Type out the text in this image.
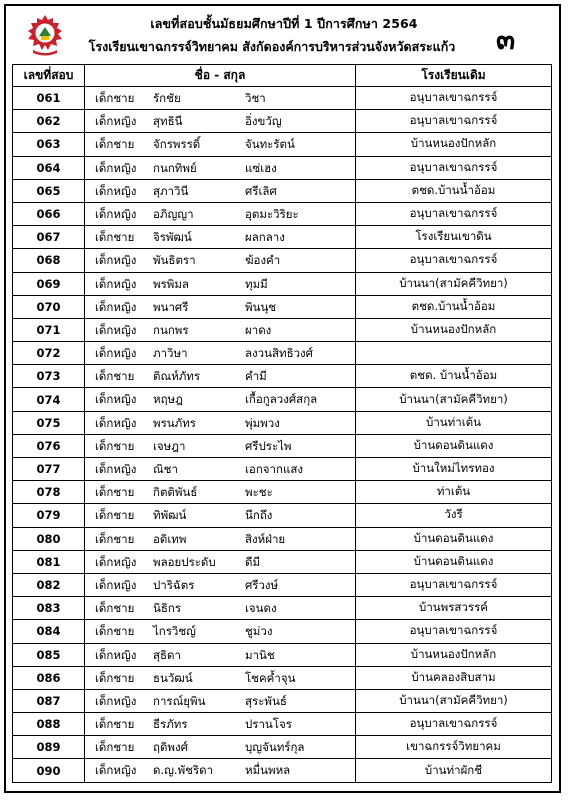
เลขที่สอบชั้นมัธยมศึกษาปีที่ 1 ปีการศึกษา 2564
โรงเรียนเขาฉกรรจ์วิทยาคม สังกัดองค์การบริหารส่วนจังหวัดสระแก้ว	๓
เลขที่สอบ	ชื่อ - สกุล	โรงเรียนเดิม
061	เด็กชาย รักชัย วิชา	อนุบาลเขาฉกรรจ์
062	เด็กหญิง สุทธินี อิ่งขวัญ	อนุบาลเขาฉกรรจ์
063	เด็กชาย จักรพรรดิ์ จันทะรัตน์	บ้านหนองปักหลัก
064	เด็กหญิง กนกทิพย์ แซ่เฮง	อนุบาลเขาฉกรรจ์
065	เด็กหญิง สุภาวินี ศรีเลิศ	ตชด.บ้านน้ำอ้อม
066	เด็กหญิง อภิญญา อุตมะวิริยะ	อนุบาลเขาฉกรรจ์
067	เด็กชาย จิรพัฒน์ ผลกลาง	โรงเรียนเขาดิน
068	เด็กหญิง พันธิตรา ฆ้องคำ	อนุบาลเขาฉกรรจ์
069	เด็กหญิง พรพิมล ทุมมี	บ้านนา(สามัคคีวิทยา)
070	เด็กหญิง พนาศรี พินนุช	ตชด.บ้านน้ำอ้อม
071	เด็กหญิง กนกพร ผาดง	บ้านหนองปักหลัก
072	เด็กหญิง ภาวิษา ลงวนสิทธิวงศ์	

073	เด็กชาย ติณห์ภัทร คำมี	ตชด. บ้านน้ำอ้อม
074	เด็กหญิง หฤษฎ เกื้อกูลวงศ์สกุล	บ้านนา(สามัคคีวิทยา)
075	เด็กหญิง พรนภัทร พุ่มพวง	บ้านท่าเต้น
076	เด็กชาย เจษฎา ศรีประไพ	บ้านดอนดินแดง
077	เด็กหญิง ณิชา เอกจากแสง	บ้านใหม่ไทรทอง
078	เด็กชาย กิตติพันธ์ พะชะ	ท่าเต้น
079	เด็กชาย ทิพัฒน์ นึกถึง	วังรี
080	เด็กชาย อดิเทพ สิงห์ฝ่าย	บ้านดอนดินแดง
081	เด็กหญิง พลอยประดับ ดีมี	บ้านดอนดินแดง
082	เด็กหญิง ปาริฉัตร ศรีวงษ์	อนุบาลเขาฉกรรจ์
083	เด็กชาย นิธิกร เจนดง	บ้านพรสวรรค์
084	เด็กชาย ไกรวิชญ์ ชูม่วง	อนุบาลเขาฉกรรจ์
085	เด็กหญิง สุธิดา มานิช	บ้านหนองปักหลัก
086	เด็กชาย ธนวัฒน์ โชคค้ำจุน	บ้านคลองสิบสาม
087	เด็กหญิง การณ์ยุพิน สุระพันธ์	บ้านนา(สามัคคีวิทยา)
088	เด็กชาย ธีรภัทร ปรานโจร	อนุบาลเขาฉกรรจ์
089	เด็กชาย ฤดิพงศ์ บุญจันทร์กุล	เขาฉกรรจ์วิทยาคม
090	เด็กหญิง ด.ญ.พัชริดา หมื่นพหล	บ้านท่าผักชี
